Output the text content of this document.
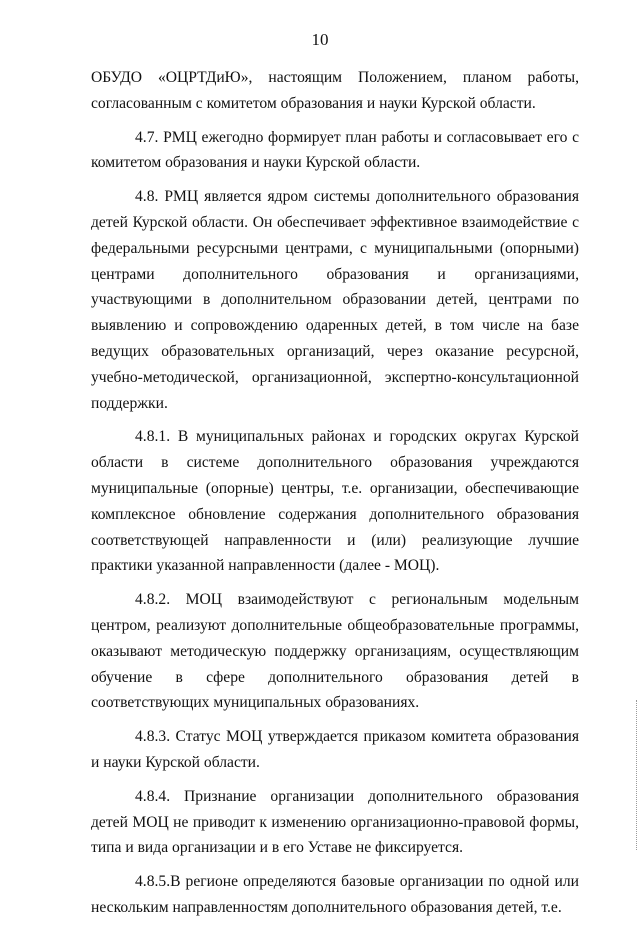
10

ОБУДО «ОЦРТДиЮ», настоящим Положением, планом работы, согласованным с комитетом образования и науки Курской области.

4.7. РМЦ ежегодно формирует план работы и согласовывает его с комитетом образования и науки Курской области.

4.8. РМЦ является ядром системы дополнительного образования детей Курской области. Он обеспечивает эффективное взаимодействие с федеральными ресурсными центрами, с муниципальными (опорными) центрами дополнительного образования и организациями, участвующими в дополнительном образовании детей, центрами по выявлению и сопровождению одаренных детей, в том числе на базе ведущих образовательных организаций, через оказание ресурсной, учебно-методической, организационной, экспертно-консультационной поддержки.

4.8.1. В муниципальных районах и городских округах Курской области в системе дополнительного образования учреждаются муниципальные (опорные) центры, т.е. организации, обеспечивающие комплексное обновление содержания дополнительного образования соответствующей направленности и (или) реализующие лучшие практики указанной направленности (далее - МОЦ).

4.8.2. МОЦ взаимодействуют с региональным модельным центром, реализуют дополнительные общеобразовательные программы, оказывают методическую поддержку организациям, осуществляющим обучение в сфере дополнительного образования детей в соответствующих муниципальных образованиях.

4.8.3. Статус МОЦ утверждается приказом комитета образования и науки Курской области.

4.8.4. Признание организации дополнительного образования детей МОЦ не приводит к изменению организационно-правовой формы, типа и вида организации и в его Уставе не фиксируется.

4.8.5.В регионе определяются базовые организации по одной или нескольким направленностям дополнительного образования детей, т.е.
